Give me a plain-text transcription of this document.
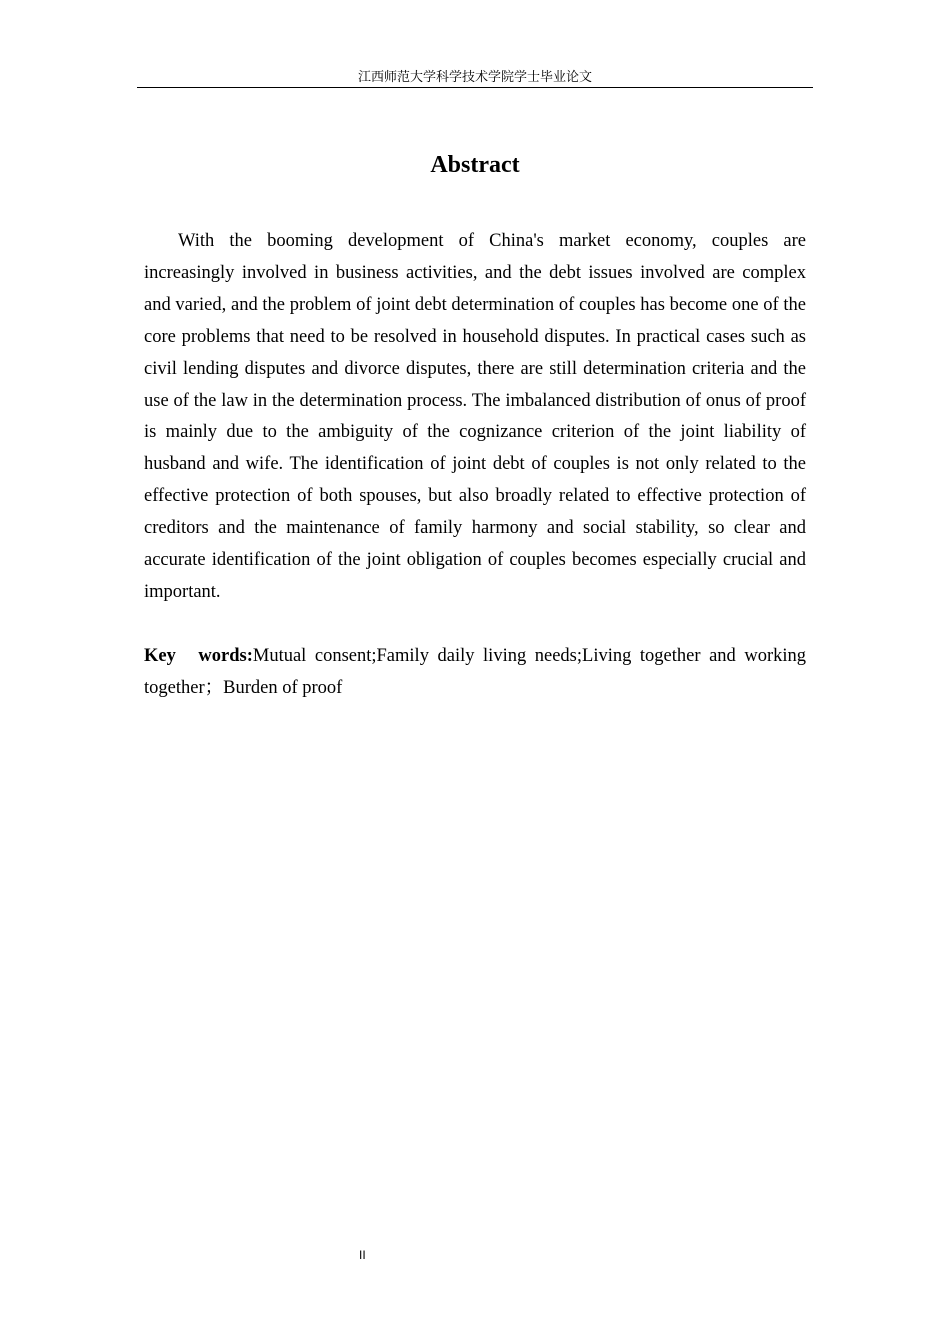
江西师范大学科学技术学院学士毕业论文
Abstract

With the booming development of China's market economy, couples are increasingly involved in business activities, and the debt issues involved are complex and varied, and the problem of joint debt determination of couples has become one of the core problems that need to be resolved in household disputes. In practical cases such as civil lending disputes and divorce disputes, there are still determination criteria and the use of the law in the determination process. The imbalanced distribution of onus of proof is mainly due to the ambiguity of the cognizance criterion of the joint liability of husband and wife. The identification of joint debt of couples is not only related to the effective protection of both spouses, but also broadly related to effective protection of creditors and the maintenance of family harmony and social stability, so clear and accurate identification of the joint obligation of couples becomes especially crucial and important.

Key words:Mutual consent;Family daily living needs;Living together and working together；Burden of proof

II
